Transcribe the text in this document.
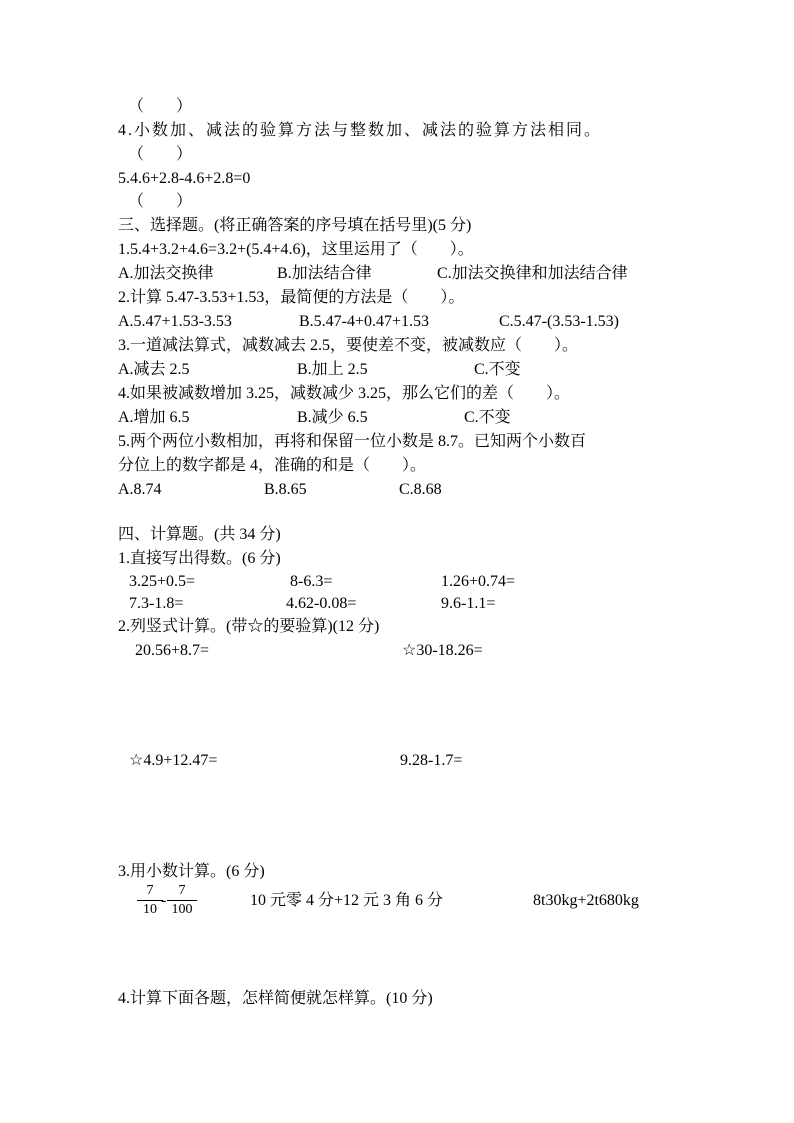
（　　）
4.小数加、减法的验算方法与整数加、减法的验算方法相同。
（　　）
5.4.6+2.8-4.6+2.8=0
（　　）
三、选择题。(将正确答案的序号填在括号里)(5 分)
1.5.4+3.2+4.6=3.2+(5.4+4.6)，这里运用了（　　）。
A.加法交换律	B.加法结合律	C.加法交换律和加法结合律
2.计算 5.47-3.53+1.53，最简便的方法是（　　）。
A.5.47+1.53-3.53	B.5.47-4+0.47+1.53	C.5.47-(3.53-1.53)
3.一道减法算式，减数减去 2.5，要使差不变，被减数应（　　）。
A.减去 2.5	B.加上 2.5	C.不变
4.如果被减数增加 3.25，减数减少 3.25，那么它们的差（　　）。
A.增加 6.5	B.减少 6.5	C.不变
5.两个两位小数相加，再将和保留一位小数是 8.7。已知两个小数百
分位上的数字都是 4，准确的和是（　　）。
A.8.74	B.8.65	C.8.68
四、计算题。(共 34 分)
1.直接写出得数。(6 分)
3.25+0.5=	8-6.3=	1.26+0.74=
7.3-1.8=	4.62-0.08=	9.6-1.1=
2.列竖式计算。(带☆的要验算)(12 分)
20.56+8.7=	☆30-18.26=
☆4.9+12.47=	9.28-1.7=
3.用小数计算。(6 分)
7
10
-
7
100
10 元零 4 分+12 元 3 角 6 分	8t30kg+2t680kg
4.计算下面各题，怎样简便就怎样算。(10 分)
